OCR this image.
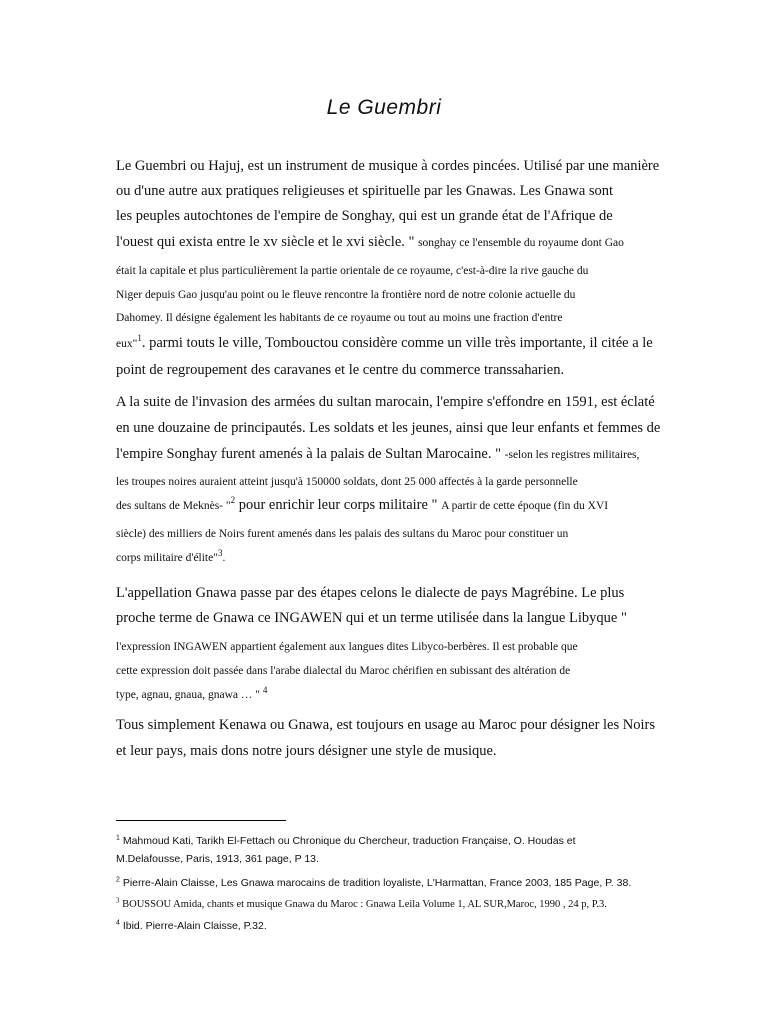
Le Guembri
Le Guembri ou Hajuj, est un instrument de musique à cordes pincées. Utilisé par une manière
ou d'une autre aux pratiques religieuses et spirituelle par les Gnawas. Les Gnawa sont
les peuples autochtones de l'empire de Songhay, qui est un grande état de l'Afrique de
l'ouest qui exista entre le xv siècle et le xvi siècle. " songhay ce l'ensemble du royaume dont Gao
était la capitale et plus particulièrement la partie orientale de ce royaume, c'est-à-dire la rive gauche du
Niger depuis Gao jusqu'au point ou le fleuve rencontre la frontière nord de notre colonie actuelle du
Dahomey. Il désigne également les habitants de ce royaume ou tout au moins une fraction d'entre
eux"$^1$. parmi touts le ville, Tombouctou considère comme un ville très importante, il citée a le
point de regroupement des caravanes et le centre du commerce transsaharien.
A la suite de l'invasion des armées du sultan marocain, l'empire s'effondre en 1591, est éclaté
en une douzaine de principautés. Les soldats et les jeunes, ainsi que leur enfants et femmes de
l'empire Songhay furent amenés à la palais de Sultan Marocaine. " -selon les registres militaires,
les troupes noires auraient atteint jusqu'à 150000 soldats, dont 25 000 affectés à la garde personnelle
des sultans de Meknès- "$^2$ pour enrichir leur corps militaire " A partir de cette époque (fin du XVI
siècle) des milliers de Noirs furent amenés dans les palais des sultans du Maroc pour constituer un
corps militaire d'élite"$^3$.
L'appellation Gnawa passe par des étapes celons le dialecte de pays Magrébine. Le plus
proche terme de Gnawa ce INGAWEN qui et un terme utilisée dans la langue Libyque "
l'expression INGAWEN appartient également aux langues dites Libyco-berbères. Il est probable que
cette expression doit passée dans l'arabe dialectal du Maroc chérifien en subissant des altération de
type, agnau, gnaua, gnawa … " $^4$
Tous simplement Kenawa ou Gnawa, est toujours en usage au Maroc pour désigner les Noirs
et leur pays, mais dons notre jours désigner une style de musique.
$^1$ Mahmoud Kati, Tarikh El-Fettach ou Chronique du Chercheur, traduction Française, O. Houdas et
M.Delafousse, Paris, 1913, 361 page, P 13.
$^2$ Pierre-Alain Claisse, Les Gnawa marocains de tradition loyaliste, L'Harmattan, France 2003, 185 Page, P. 38.
$^3$ BOUSSOU Amida, chants et musique Gnawa du Maroc : Gnawa Leila Volume 1, AL SUR,Maroc, 1990 , 24 p, P.3.
$^4$ Ibid. Pierre-Alain Claisse, P.32.
